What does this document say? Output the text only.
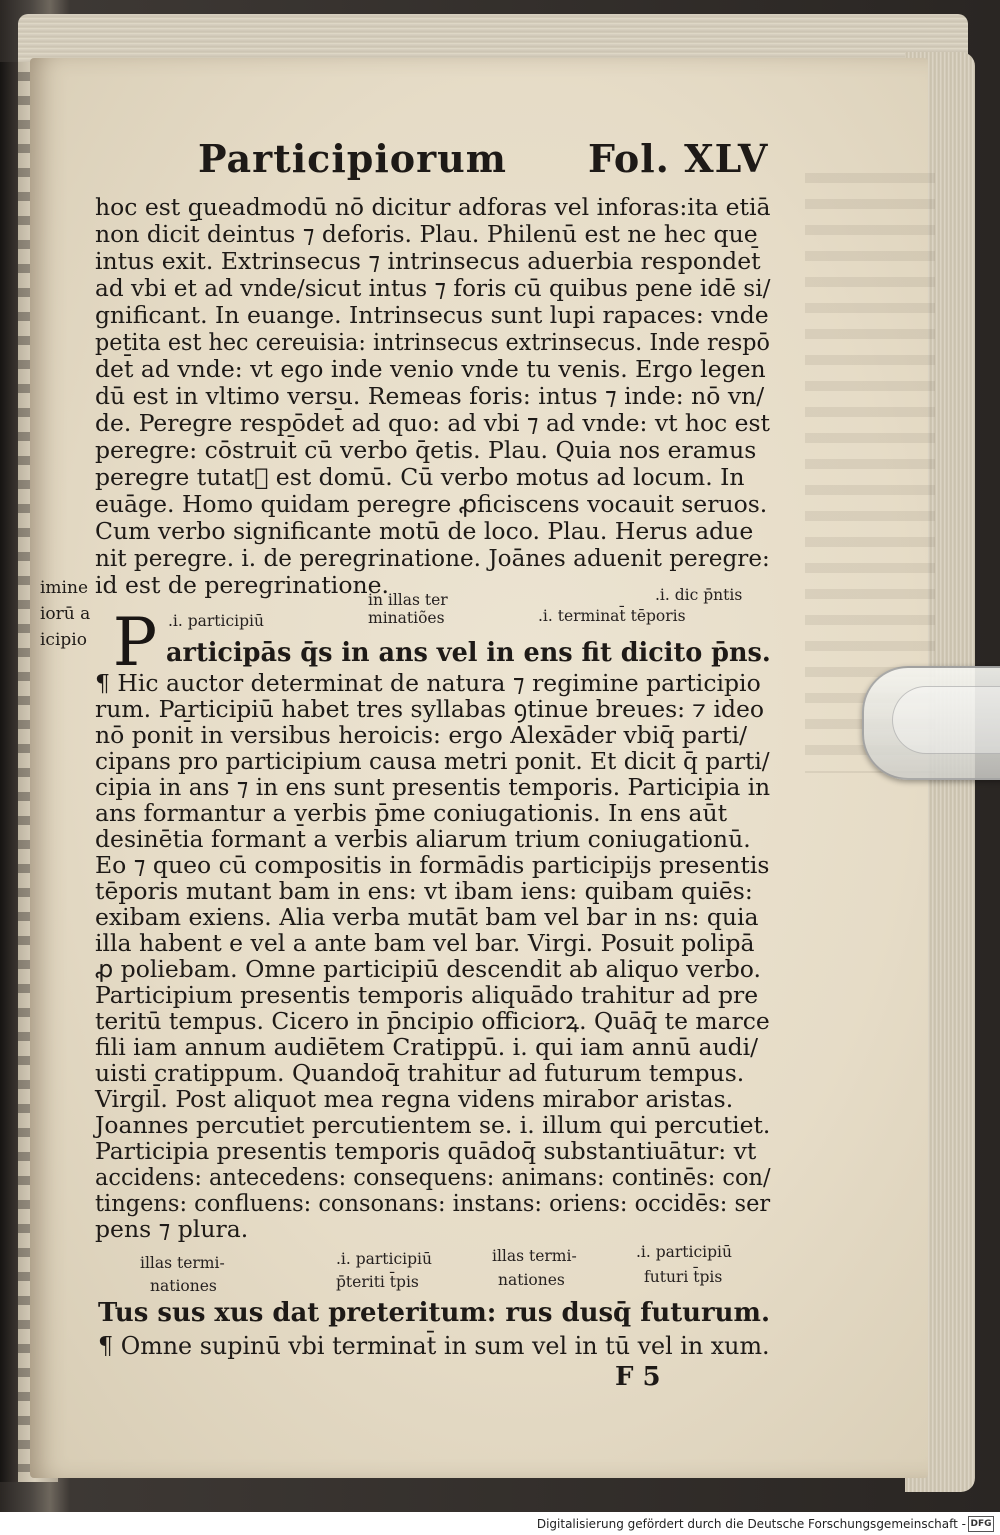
Participiorum Fol. XLV
imine
iorū a
icipio
hoc est queadmodū nō dicitur adforas vel inforas:ita etiā
non dicit̄ deintus ⁊ deforis. Plau. Philenū est ne hec que
intus exit. Extrinsecus ⁊ intrinsecus aduerbia respondet̄
ad vbi et ad vnde/sicut intus ⁊ foris cū quibus pene idē si/
gnificant. In euange. Intrinsecus sunt lupi rapaces: vnde
petita est hec cereuisia: intrinsecus extrinsecus. Inde respō
det̄ ad vnde: vt ego inde venio vnde tu venis. Ergo legen
dū est in vltimo versu. Remeas foris: intus ⁊ inde: nō vn/
de. Peregre respōdet̄ ad quo: ad vbi ⁊ ad vnde: vt hoc est
peregre: cōstruit̄ cū verbo q̄etis. Plau. Quia nos eramus
peregre tutat᷒ est domū. Cū verbo motus ad locum. In
euāge. Homo quidam peregre ꝓficiscens vocauit seruos.
Cum verbo significante motū de loco. Plau. Herus adue
nit peregre. i. de peregrinatione. Joānes aduenit peregre:
id est de peregrinatione.
in illas ter	.i. dic p̄ntis
.i. participiū	minatiões	.i. terminat̄ tēporis
P articipās q̄s in ans vel in ens fit dicito p̄ns.
¶ Hic auctor determinat de natura ⁊ regimine participio
rum. Participiū habet tres syllabas ꝯtinue breues: ⁊ ideo
nō ponit̄ in versibus heroicis: ergo Alexāder vbiq̄ parti/
cipans pro participium causa metri ponit. Et dicit q̄ parti/
cipia in ans ⁊ in ens sunt presentis temporis. Participia in
ans formantur a verbis p̄me coniugationis. In ens aūt
desinētia formant̄ a verbis aliarum trium coniugationū.
Eo ⁊ queo cū compositis in formādis participijs presentis
tēporis mutant bam in ens: vt ibam iens: quibam quiēs:
exibam exiens. Alia verba mutāt bam vel bar in ns: quia
illa habent e vel a ante bam vel bar. Virgi. Posuit polipā
ꝓ poliebam. Omne participiū descendit ab aliquo verbo.
Participium presentis temporis aliquādo trahitur ad pre
teritū tempus. Cicero in p̄ncipio officiorꝝ. Quāq̄ te marce
fili iam annum audiētem Cratippū. i. qui iam annū audi/
uisti cratippum. Quandoq̄ trahitur ad futurum tempus.
Virgil̄. Post aliquot mea regna videns mirabor aristas.
Joannes percutiet percutientem se. i. illum qui percutiet.
Participia presentis temporis quādoq̄ substantiuātur: vt
accidens: antecedens: consequens: animans: continēs: con/
tingens: confluens: consonans: instans: oriens: occidēs: ser
pens ⁊ plura.
illas termi-
nationes
.i. participiū
p̄teriti t̄pis
illas termi-
nationes
.i. participiū
futuri t̄pis
Tus sus xus dat preteritum: rus dusq̄ futurum.
¶ Omne supinū vbi terminat̄ in sum vel in tū vel in xum.
F 5
Digitalisierung gefördert durch die Deutsche Forschungsgemeinschaft - DFG
